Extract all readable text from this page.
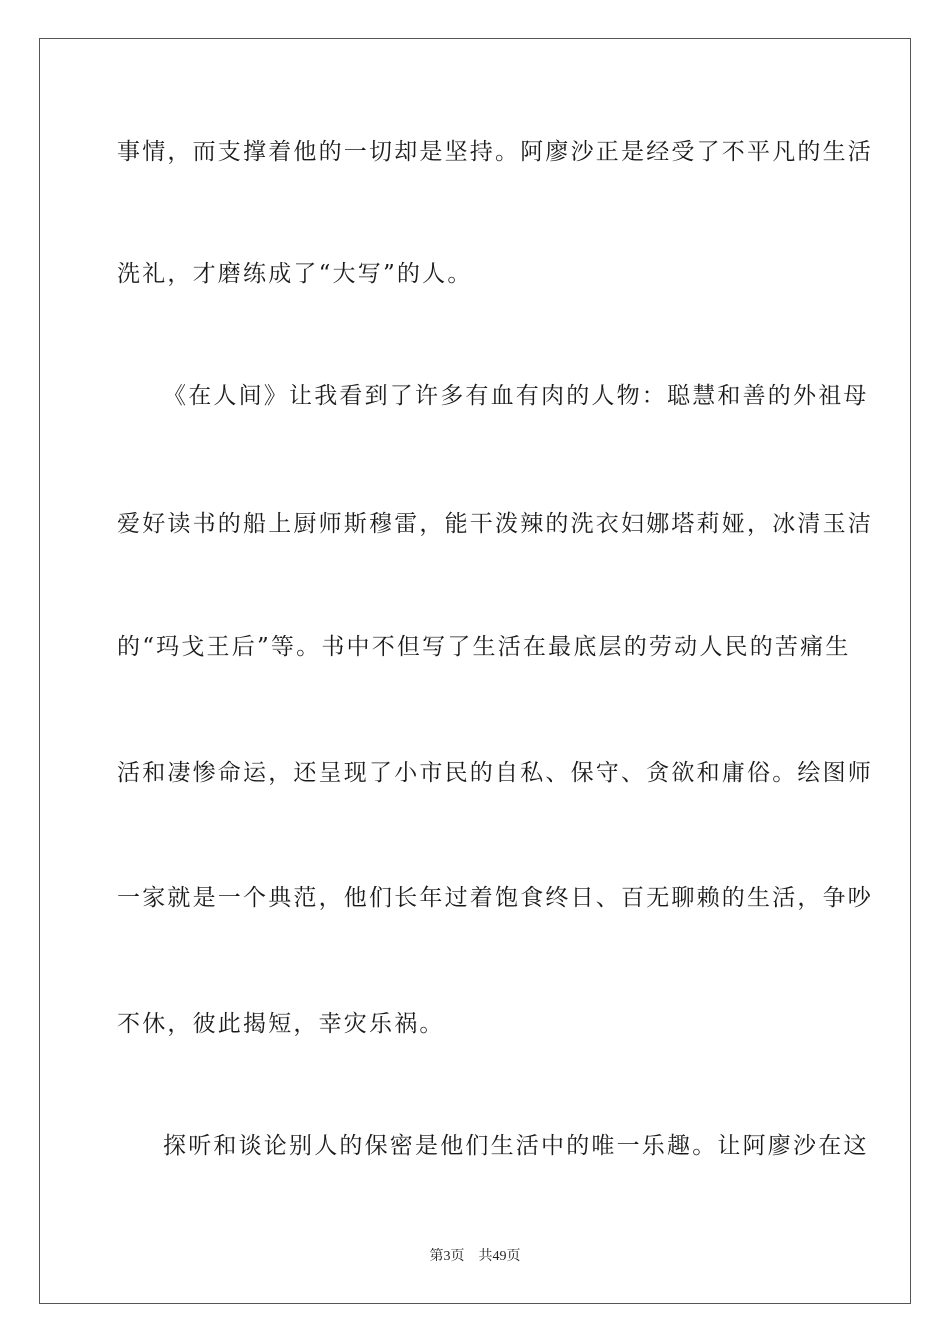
事情，而支撑着他的一切却是坚持。阿廖沙正是经受了不平凡的生活
洗礼，才磨练成了“大写”的人。
《在人间》让我看到了许多有血有肉的人物：聪慧和善的外祖母
爱好读书的船上厨师斯穆雷，能干泼辣的洗衣妇娜塔莉娅，冰清玉洁
的“玛戈王后”等。书中不但写了生活在最底层的劳动人民的苦痛生
活和凄惨命运，还呈现了小市民的自私、保守、贪欲和庸俗。绘图师
一家就是一个典范，他们长年过着饱食终日、百无聊赖的生活，争吵
不休，彼此揭短，幸灾乐祸。
探听和谈论别人的保密是他们生活中的唯一乐趣。让阿廖沙在这
第3页 共49页
